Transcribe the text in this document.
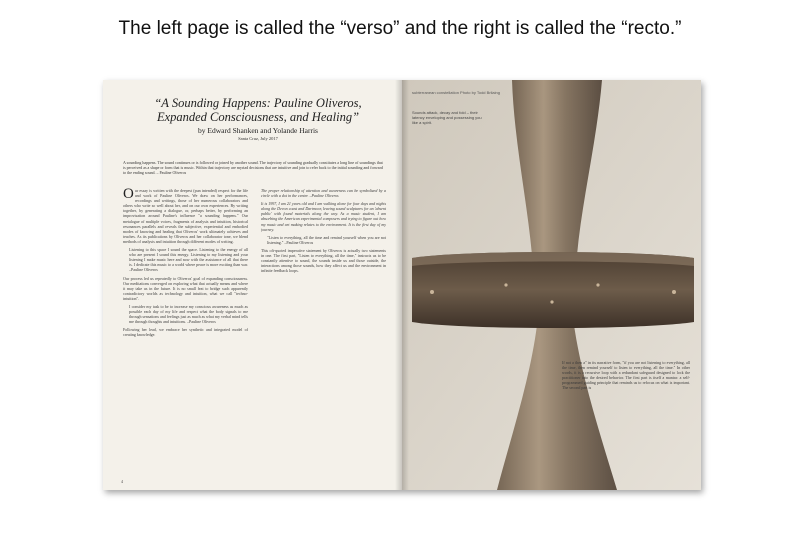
The left page is called the “verso” and the right is called the “recto.”
“A Sounding Happens: Pauline Oliveros, Expanded Consciousness, and Healing”
by Edward Shanken and Yolande Harris
Santa Cruz, July 2017
A sounding happens. The sound continues or is followed or joined by another sound. The trajectory of sounding gradually constitutes a long line of soundings that is perceived as a shape or form that is music. Within that trajectory are myriad decisions that are intuitive and join to refer back to the initial sounding and forward to the ending sound. – Pauline Oliveros

Our essay is written with the deepest (pun intended) respect for the life and work of Pauline Oliveros. We draw on her performances, recordings and writings, those of her numerous collaborators and others who write so well about her, and on our own experiences. By writing together, by generating a dialogue, or, perhaps better, by performing an improvisation around Pauline's influence "a sounding happens." Our metalogue of multiple voices, fragments of analysis and intuition, historical resonances parallels and reveals the subjective, experiential and embodied modes of knowing and healing that Oliveros' work ultimately achieves and teaches. As its publications by Oliveros and her collaborator tone, we blend methods of analysis and intuition through different modes of writing.

Listening to this space I sound the space. Listening to the energy of all who are present I sound this energy. Listening to my listening and your listening I make music here and now with the assistance of all that there is. I dedicate this music to a world where peace is more exciting than war. –Pauline Oliveros

Our process led us repeatedly to Oliveros' goal of expanding consciousness. Our meditations converged on exploring what that actually means and where it may take us in the future. It is no small feat to bridge such apparently contradictory worlds as technology and intuition, what we call "techno-intuition".

I consider my task to be to increase my conscious awareness as much as possible each day of my life and respect what the body signals to me through sensations and feelings just as much as what my verbal mind tells me through thoughts and intuitions. –Pauline Oliveros

Following her lead, we embrace her synthetic and integrated model of creating knowledge.

The proper relationship of attention and awareness can be symbolized by a circle with a dot in the center. –Pauline Oliveros

It is 1997, I am 21 years old and I am walking alone for four days and nights along the Devon coast and Dartmoor, leaving sound sculptures for an 'absent public' with found materials along the way. As a music student, I am absorbing the American experimental composers and trying to figure out how my music and art making relates to the environment. It is the first day of my journey.

"Listen to everything, all the time and remind yourself when you are not listening." –Pauline Oliveros

This oft-quoted imperative statement by Oliveros is actually two statements in one. The first part, "Listen to everything, all the time," instructs us to be constantly attentive to sound, the sounds inside us and those outside, the interactions among those sounds, how they affect us and the environment in infinite feedback loops.

4
subterranean constellation Photo by Todd Brilaing
Sounds attack, decay and fold – their latency enveloping and possessing you like a spirit.

If not a then a" in its narrative form, "if you are not listening to everything, all the time, then remind yourself to listen to everything, all the time." In other words, it is a recursive loop with a redundant safeguard designed to lock the practitioner into the desired behavior. The first part is itself a mantra: a self-programmed guiding principle that reminds us to refocus on what is important. The second part is
